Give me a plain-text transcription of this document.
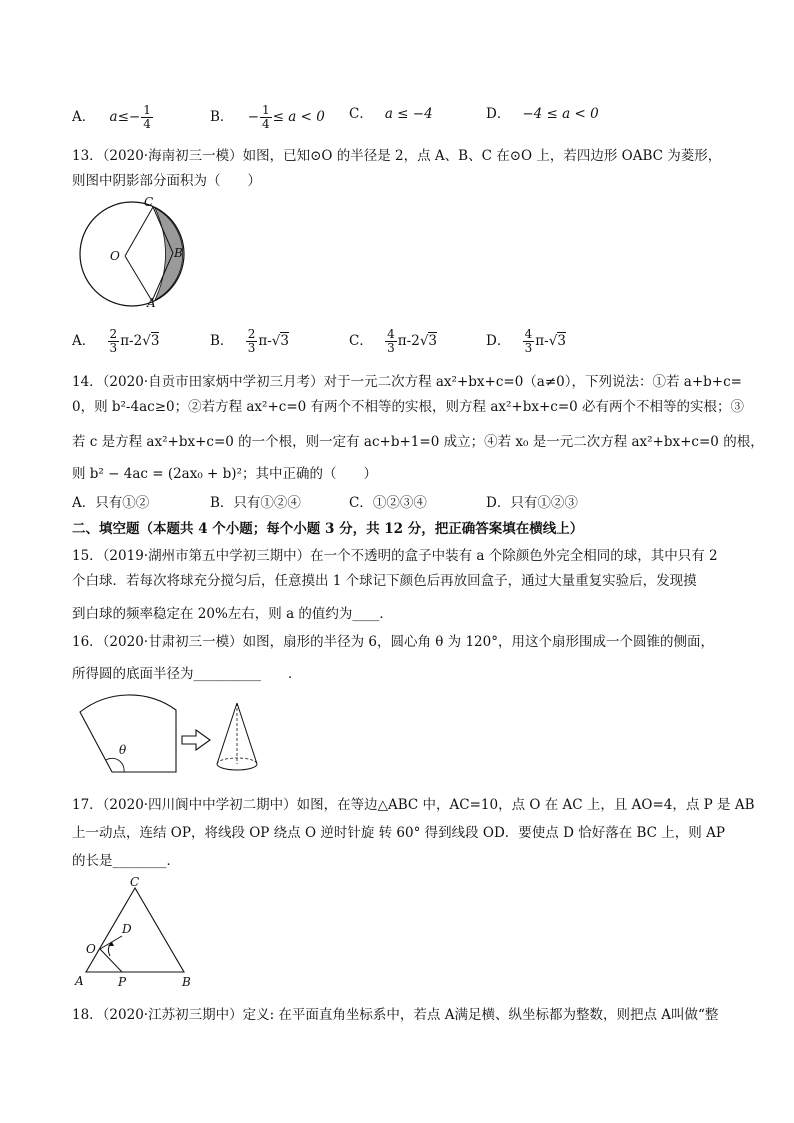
A． $a\le- \frac{1}{4}$	B． − $\frac{1}{4} \le a < 0$ C． a ≤ −4	D． −4 ≤ a < 0
13．（2020·海南初三一模）如图，已知⊙O 的半径是 2，点 A、B、C 在⊙O 上，若四边形 OABC 为菱形，
则图中阴影部分面积为（　　）
C
O	B
A
A． $\frac{2}{3} \pi-2√3$	B． $\frac{2}{3} \pi-√3$	C． $\frac{4}{3} \pi-2√3$	D． $\frac{4}{3} \pi-√3$
14．（2020·自贡市田家炳中学初三月考）对于一元二次方程 ax²+bx+c=0（a≠0），下列说法：①若 a+b+c=
0，则 b²-4ac≥0；②若方程 ax²+c=0 有两个不相等的实根，则方程 ax²+bx+c=0 必有两个不相等的实根；③
若 c 是方程 ax²+bx+c=0 的一个根，则一定有 ac+b+1=0 成立；④若 x₀ 是一元二次方程 ax²+bx+c=0 的根，
则 b² − 4ac = (2ax₀ + b)²；其中正确的（　　）
A．只有①②	B．只有①②④	C．①②③④	D．只有①②③
二、填空题（本题共 4 个小题；每个小题 3 分，共 12 分，把正确答案填在横线上）
15．（2019·湖州市第五中学初三期中）在一个不透明的盒子中装有 a 个除颜色外完全相同的球，其中只有 2
个白球．若每次将球充分搅匀后，任意摸出 1 个球记下颜色后再放回盒子，通过大量重复实验后，发现摸
到白球的频率稳定在 20%左右，则 a 的值约为____．
16．（2020·甘肃初三一模）如图，扇形的半径为 6，圆心角 θ 为 120°，用这个扇形围成一个圆锥的侧面，
所得圆的底面半径为__________　　．
θ
17．（2020·四川阆中中学初二期中）如图，在等边△ABC 中，AC=10，点 O 在 AC 上，且 AO=4，点 P 是 AB
上一动点，连结 OP，将线段 OP 绕点 O 逆时针旋 转 60° 得到线段 OD．要使点 D 恰好落在 BC 上，则 AP
的长是________．
C
D
O
A	P	B
18．（2020·江苏初三期中）定义: 在平面直角坐标系中，若点 A满足横、纵坐标都为整数，则把点 A叫做“整
